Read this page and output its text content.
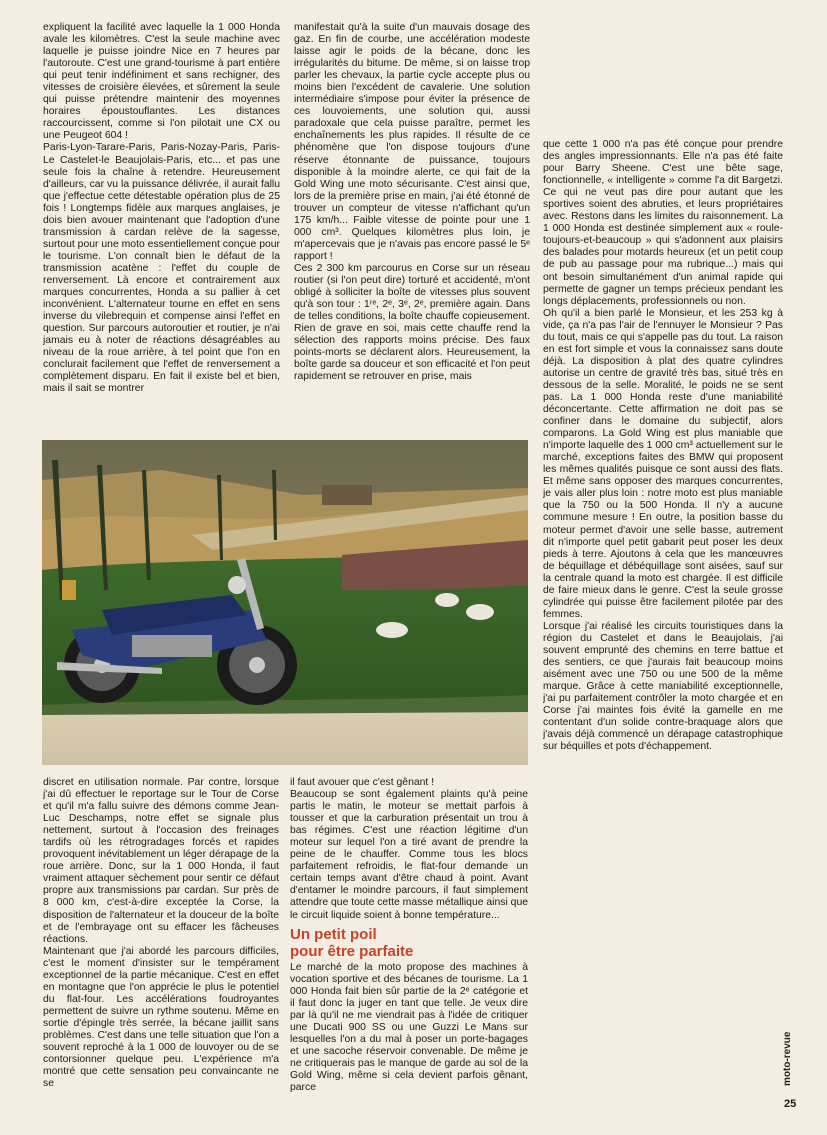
expliquent la facilité avec laquelle la 1 000 Honda avale les kilomètres. C'est la seule machine avec laquelle je puisse joindre Nice en 7 heures par l'autoroute. C'est une grand-tourisme à part entière qui peut tenir indéfiniment et sans rechigner, des vitesses de croisière élevées, et sûrement la seule qui puisse prétendre maintenir des moyennes horaires époustouflantes. Les distances raccourcissent, comme si l'on pilotait une CX ou une Peugeot 604 !

Paris-Lyon-Tarare-Paris, Paris-Nozay-Paris, Paris-Le Castelet-le Beaujolais-Paris, etc... et pas une seule fois la chaîne à retendre. Heureusement d'ailleurs, car vu la puissance délivrée, il aurait fallu que j'effectue cette détestable opération plus de 25 fois ! Longtemps fidèle aux marques anglaises, je dois bien avouer maintenant que l'adoption d'une transmission à cardan relève de la sagesse, surtout pour une moto essentiellement conçue pour le tourisme. L'on connaît bien le défaut de la transmission acatène : l'effet du couple de renversement. Là encore et contrairement aux marques concurrentes, Honda a su pallier à cet inconvénient. L'alternateur tourne en effet en sens inverse du vilebrequin et compense ainsi l'effet en question. Sur parcours autoroutier et routier, je n'ai jamais eu à noter de réactions désagréables au niveau de la roue arrière, à tel point que l'on en conclurait facilement que l'effet de renversement a complètement disparu. En fait il existe bel et bien, mais il sait se montrer

manifestait qu'à la suite d'un mauvais dosage des gaz. En fin de courbe, une accélération modeste laisse agir le poids de la bécane, donc les irrégularités du bitume. De même, si on laisse trop parler les chevaux, la partie cycle accepte plus ou moins bien l'excédent de cavalerie. Une solution intermédiaire s'impose pour éviter la présence de ces louvoiements, une solution qui, aussi paradoxale que cela puisse paraître, permet les enchaînements les plus rapides. Il résulte de ce phénomène que l'on dispose toujours d'une réserve étonnante de puissance, toujours disponible à la moindre alerte, ce qui fait de la Gold Wing une moto sécurisante. C'est ainsi que, lors de la première prise en main, j'ai été étonné de trouver un compteur de vitesse n'affichant qu'un 175 km/h... Faible vitesse de pointe pour une 1 000 cm³. Quelques kilomètres plus loin, je m'apercevais que je n'avais pas encore passé le 5ᵉ rapport !

Ces 2 300 km parcourus en Corse sur un réseau routier (si l'on peut dire) torturé et accidenté, m'ont obligé à solliciter la boîte de vitesses plus souvent qu'à son tour : 1ʳᵉ, 2ᵉ, 3ᵉ, 2ᵉ, première again. Dans de telles conditions, la boîte chauffe copieusement. Rien de grave en soi, mais cette chauffe rend la sélection des rapports moins précise. Des faux points-morts se déclarent alors. Heureusement, la boîte garde sa douceur et son efficacité et l'on peut rapidement se retrouver en prise, mais

que cette 1 000 n'a pas été conçue pour prendre des angles impressionnants. Elle n'a pas été faite pour Barry Sheene. C'est une bête sage, fonctionnelle, « intelligente » comme l'a dit Bargetzi. Ce qui ne veut pas dire pour autant que les sportives soient des abruties, et leurs propriétaires avec. Restons dans les limites du raisonnement. La 1 000 Honda est destinée simplement aux « roule-toujours-et-beaucoup » qui s'adonnent aux plaisirs des balades pour motards heureux (et un petit coup de pub au passage pour ma rubrique...) mais qui ont besoin simultanément d'un animal rapide qui permette de gagner un temps précieux pendant les longs déplacements, professionnels ou non.

Oh qu'il a bien parlé le Monsieur, et les 253 kg à vide, ça n'a pas l'air de l'ennuyer le Monsieur ? Pas du tout, mais ce qui s'appelle pas du tout. La raison en est fort simple et vous la connaissez sans doute déjà. La disposition à plat des quatre cylindres autorise un centre de gravité très bas, situé très en dessous de la selle. Moralité, le poids ne se sent pas. La 1 000 Honda reste d'une maniabilité déconcertante. Cette affirmation ne doit pas se confiner dans le domaine du subjectif, alors comparons. La Gold Wing est plus maniable que n'importe laquelle des 1 000 cm³ actuellement sur le marché, exceptions faites des BMW qui proposent les mêmes qualités puisque ce sont aussi des flats. Et même sans opposer des marques concurrentes, je vais aller plus loin : notre moto est plus maniable que la 750 ou la 500 Honda. Il n'y a aucune commune mesure ! En outre, la position basse du moteur permet d'avoir une selle basse, autrement dit n'importe quel petit gabarit peut poser les deux pieds à terre. Ajoutons à cela que les manœuvres de béquillage et débéquillage sont aisées, sauf sur la centrale quand la moto est chargée. Il est difficile de faire mieux dans le genre. C'est la seule grosse cylindrée qui puisse être facilement pilotée par des femmes.

Lorsque j'ai réalisé les circuits touristiques dans la région du Castelet et dans le Beaujolais, j'ai souvent emprunté des chemins en terre battue et des sentiers, ce que j'aurais fait beaucoup moins aisément avec une 750 ou une 500 de la même marque. Grâce à cette maniabilité exceptionnelle, j'ai pu parfaitement contrôler la moto chargée et en Corse j'ai maintes fois évité la gamelle en me contentant d'un solide contre-braquage alors que j'avais déjà commencé un dérapage catastrophique sur béquilles et pots d'échappement.

discret en utilisation normale. Par contre, lorsque j'ai dû effectuer le reportage sur le Tour de Corse et qu'il m'a fallu suivre des démons comme Jean-Luc Deschamps, notre effet se signale plus nettement, surtout à l'occasion des freinages tardifs où les rétrogradages forcés et rapides provoquent inévitablement un léger dérapage de la roue arrière. Donc, sur la 1 000 Honda, il faut vraiment attaquer sèchement pour sentir ce défaut propre aux transmissions par cardan. Sur près de 8 000 km, c'est-à-dire exceptée la Corse, la disposition de l'alternateur et la douceur de la boîte et de l'embrayage ont su effacer les fâcheuses réactions.

Maintenant que j'ai abordé les parcours difficiles, c'est le moment d'insister sur le tempérament exceptionnel de la partie mécanique. C'est en effet en montagne que l'on apprécie le plus le potentiel du flat-four. Les accélérations foudroyantes permettent de suivre un rythme soutenu. Même en sortie d'épingle très serrée, la bécane jaillit sans problèmes. C'est dans une telle situation que l'on a souvent reproché à la 1 000 de louvoyer ou de se contorsionner quelque peu. L'expérience m'a montré que cette sensation peu convaincante ne se

il faut avouer que c'est gênant !

Beaucoup se sont également plaints qu'à peine partis le matin, le moteur se mettait parfois à tousser et que la carburation présentait un trou à bas régimes. C'est une réaction légitime d'un moteur sur lequel l'on a tiré avant de prendre la peine de le chauffer. Comme tous les blocs parfaitement refroidis, le flat-four demande un certain temps avant d'être chaud à point. Avant d'entamer le moindre parcours, il faut simplement attendre que toute cette masse métallique ainsi que le circuit liquide soient à bonne température...

Un petit poil
pour être parfaite

Le marché de la moto propose des machines à vocation sportive et des bécanes de tourisme. La 1 000 Honda fait bien sûr partie de la 2ᵉ catégorie et il faut donc la juger en tant que telle. Je veux dire par là qu'il ne me viendrait pas à l'idée de critiquer une Ducati 900 SS ou une Guzzi Le Mans sur lesquelles l'on a du mal à poser un porte-bagages et une sacoche réservoir convenable. De même je ne critiquerais pas le manque de garde au sol de la Gold Wing, même si cela devient parfois gênant, parce

moto-revue
25
